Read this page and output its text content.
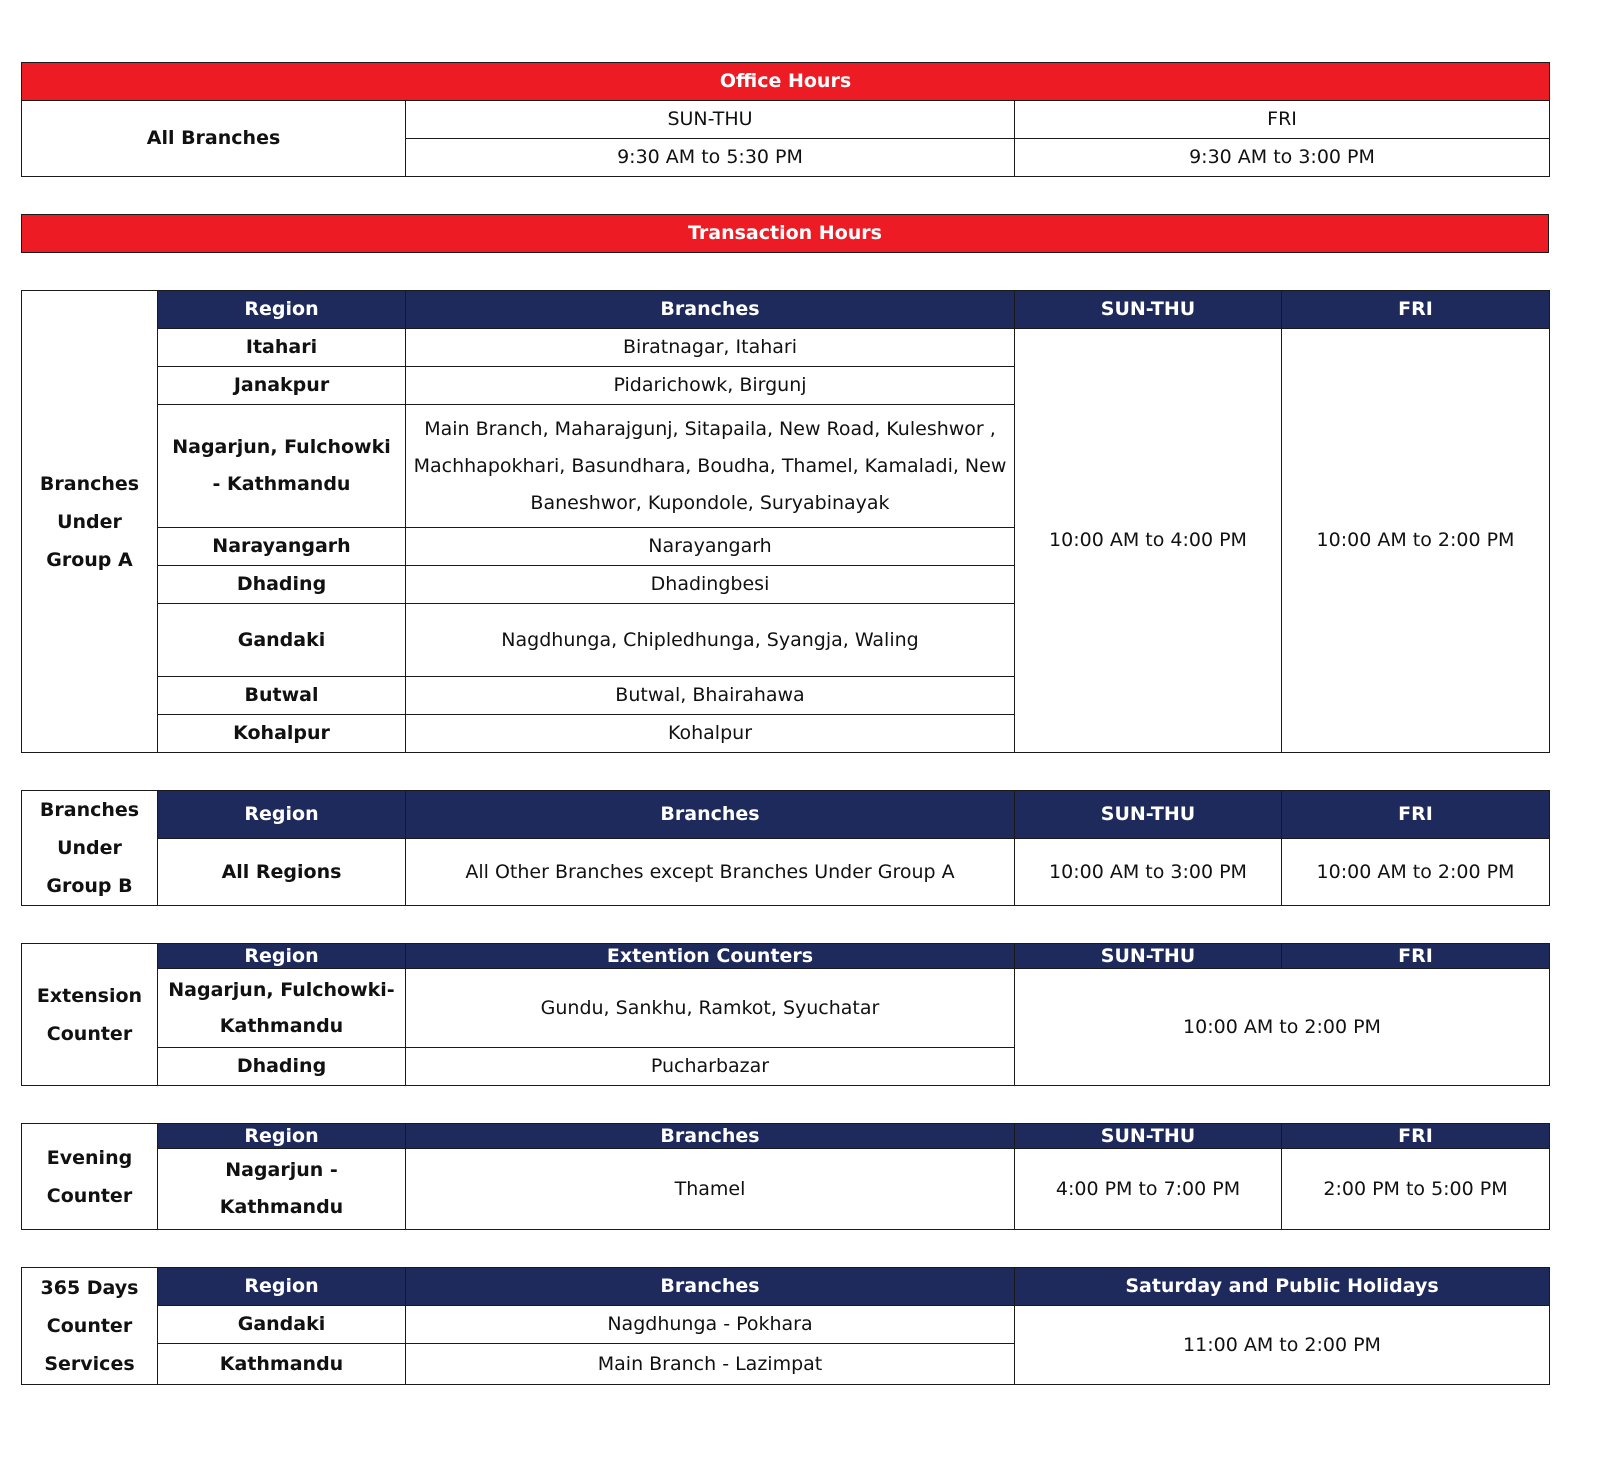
Office Hours		
All Branches	SUN-THU	FRI
	9:30 AM to 5:30 PM	9:30 AM to 3:00 PM
Transaction Hours
Branches Under Group A	Region	Branches	SUN-THU	FRI
	Itahari	Biratnagar, Itahari	10:00 AM to 4:00 PM	10:00 AM to 2:00 PM
	Janakpur	Pidarichowk, Birgunj		
	Nagarjun, Fulchowki - Kathmandu	Main Branch, Maharajgunj, Sitapaila, New Road, Kuleshwor , Machhapokhari, Basundhara, Boudha, Thamel, Kamaladi, New Baneshwor, Kupondole, Suryabinayak		
	Narayangarh	Narayangarh		
	Dhading	Dhadingbesi		
	Gandaki	Nagdhunga, Chipledhunga, Syangja, Waling		
	Butwal	Butwal, Bhairahawa		
	Kohalpur	Kohalpur		
Branches Under Group B	Region	Branches	SUN-THU	FRI
	All Regions	All Other Branches except Branches Under Group A	10:00 AM to 3:00 PM	10:00 AM to 2:00 PM
Extension Counter	Region	Extention Counters	SUN-THU	FRI
	Nagarjun, Fulchowki- Kathmandu	Gundu, Sankhu, Ramkot, Syuchatar	10:00 AM to 2:00 PM	
	Dhading	Pucharbazar		
Evening Counter	Region	Branches	SUN-THU	FRI
	Nagarjun - Kathmandu	Thamel	4:00 PM to 7:00 PM	2:00 PM to 5:00 PM
365 Days Counter Services	Region	Branches	Saturday and Public Holidays
	Gandaki	Nagdhunga - Pokhara	11:00 AM to 2:00 PM
	Kathmandu	Main Branch - Lazimpat	
